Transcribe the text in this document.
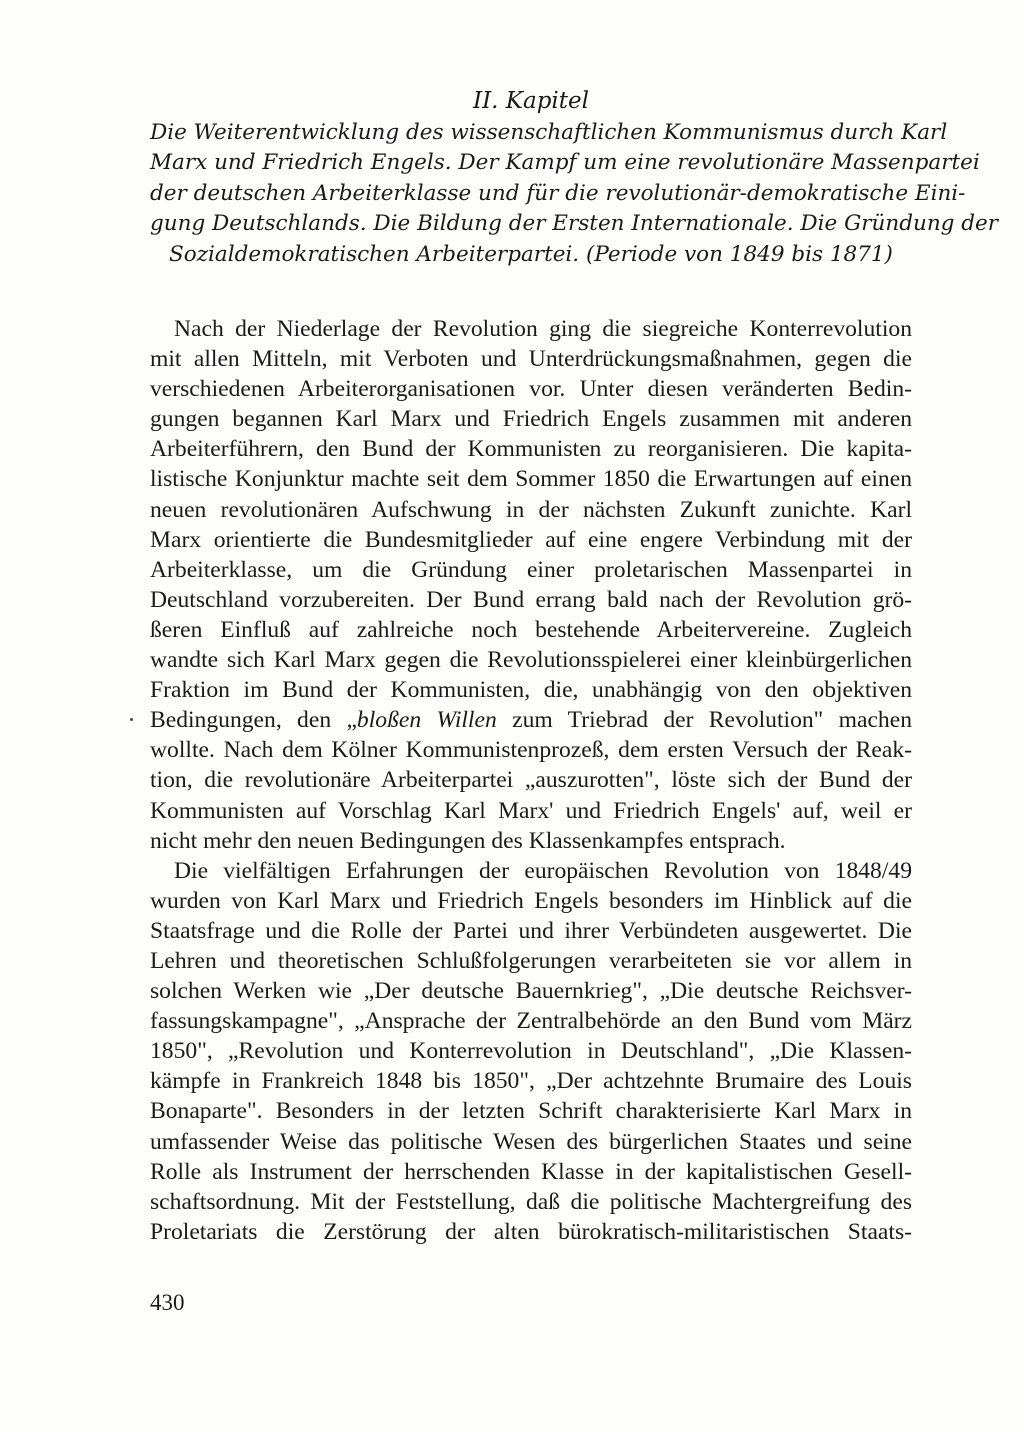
II. Kapitel
Die Weiterentwicklung des wissenschaftlichen Kommunismus durch Karl
Marx und Friedrich Engels. Der Kampf um eine revolutionäre Massenpartei
der deutschen Arbeiterklasse und für die revolutionär-demokratische Eini-
gung Deutschlands. Die Bildung der Ersten Internationale. Die Gründung der
Sozialdemokratischen Arbeiterpartei. (Periode von 1849 bis 1871)
Nach der Niederlage der Revolution ging die siegreiche Konterrevolution
mit allen Mitteln, mit Verboten und Unterdrückungsmaßnahmen, gegen die
verschiedenen Arbeiterorganisationen vor. Unter diesen veränderten Bedin-
gungen begannen Karl Marx und Friedrich Engels zusammen mit anderen
Arbeiterführern, den Bund der Kommunisten zu reorganisieren. Die kapita-
listische Konjunktur machte seit dem Sommer 1850 die Erwartungen auf einen
neuen revolutionären Aufschwung in der nächsten Zukunft zunichte. Karl
Marx orientierte die Bundesmitglieder auf eine engere Verbindung mit der
Arbeiterklasse, um die Gründung einer proletarischen Massenpartei in
Deutschland vorzubereiten. Der Bund errang bald nach der Revolution grö-
ßeren Einfluß auf zahlreiche noch bestehende Arbeitervereine. Zugleich
wandte sich Karl Marx gegen die Revolutionsspielerei einer kleinbürgerlichen
Fraktion im Bund der Kommunisten, die, unabhängig von den objektiven
Bedingungen, den „bloßen Willen zum Triebrad der Revolution" machen
wollte. Nach dem Kölner Kommunistenprozeß, dem ersten Versuch der Reak-
tion, die revolutionäre Arbeiterpartei „auszurotten", löste sich der Bund der
Kommunisten auf Vorschlag Karl Marx' und Friedrich Engels' auf, weil er
nicht mehr den neuen Bedingungen des Klassenkampfes entsprach.
Die vielfältigen Erfahrungen der europäischen Revolution von 1848/49
wurden von Karl Marx und Friedrich Engels besonders im Hinblick auf die
Staatsfrage und die Rolle der Partei und ihrer Verbündeten ausgewertet. Die
Lehren und theoretischen Schlußfolgerungen verarbeiteten sie vor allem in
solchen Werken wie „Der deutsche Bauernkrieg", „Die deutsche Reichsver-
fassungskampagne", „Ansprache der Zentralbehörde an den Bund vom März
1850", „Revolution und Konterrevolution in Deutschland", „Die Klassen-
kämpfe in Frankreich 1848 bis 1850", „Der achtzehnte Brumaire des Louis
Bonaparte". Besonders in der letzten Schrift charakterisierte Karl Marx in
umfassender Weise das politische Wesen des bürgerlichen Staates und seine
Rolle als Instrument der herrschenden Klasse in der kapitalistischen Gesell-
schaftsordnung. Mit der Feststellung, daß die politische Machtergreifung des
Proletariats die Zerstörung der alten bürokratisch-militaristischen Staats-
430
